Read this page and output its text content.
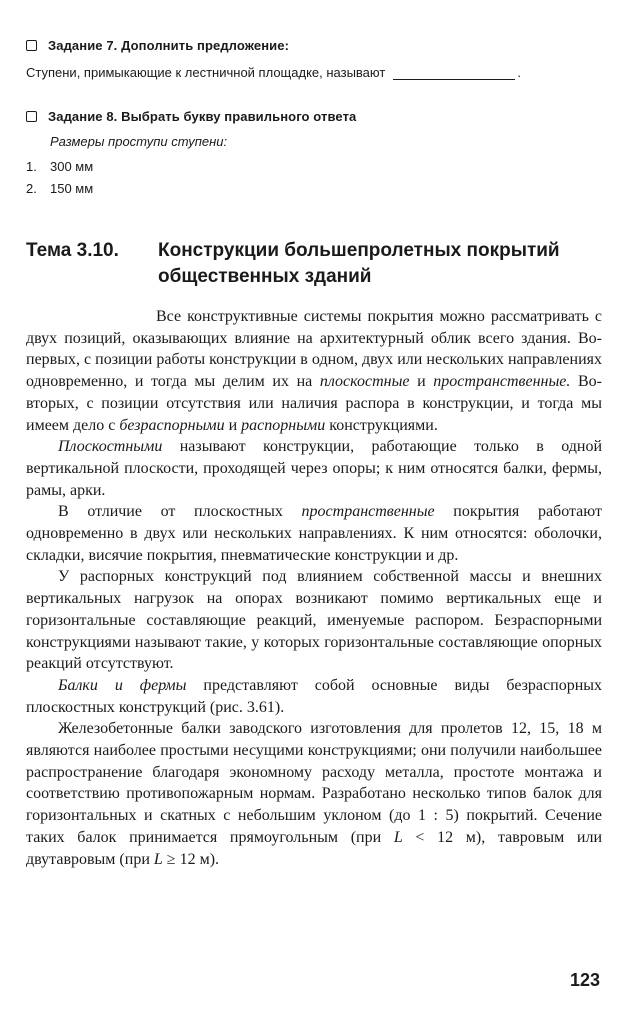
Задание 7. Дополнить предложение:
Ступени, примыкающие к лестничной площадке, называют	.
Задание 8. Выбрать букву правильного ответа
Размеры проступи ступени:
1.	300 мм
2.	150 мм
Тема 3.10.	Конструкции большепролетных покрытий общественных зданий

Все конструктивные системы покрытия можно рассматривать с двух позиций, оказывающих влияние на архитектурный облик всего здания. Во-первых, с позиции работы конструкции в одном, двух или нескольких направлениях одновременно, и тогда мы делим их на плоскостные и пространственные. Во-вторых, с позиции отсутствия или наличия распора в конструкции, и тогда мы имеем дело с безраспорными и распорными конструкциями.

Плоскостными называют конструкции, работающие только в одной вертикальной плоскости, проходящей через опоры; к ним относятся балки, фермы, рамы, арки.

В отличие от плоскостных пространственные покрытия работают одновременно в двух или нескольких направлениях. К ним относятся: оболочки, складки, висячие покрытия, пневматические конструкции и др.

У распорных конструкций под влиянием собственной массы и внешних вертикальных нагрузок на опорах возникают помимо вертикальных еще и горизонтальные составляющие реакций, именуемые распором. Безраспорными конструкциями называют такие, у которых горизонтальные составляющие опорных реакций отсутствуют.

Балки и фермы представляют собой основные виды безраспорных плоскостных конструкций (рис. 3.61).

Железобетонные балки заводского изготовления для пролетов 12, 15, 18 м являются наиболее простыми несущими конструкциями; они получили наибольшее распространение благодаря экономному расходу металла, простоте монтажа и соответствию противопожарным нормам. Разработано несколько типов балок для горизонтальных и скатных с небольшим уклоном (до 1 : 5) покрытий. Сечение таких балок принимается прямоугольным (при L < 12 м), тавровым или двутавровым (при L ≥ 12 м).

123
